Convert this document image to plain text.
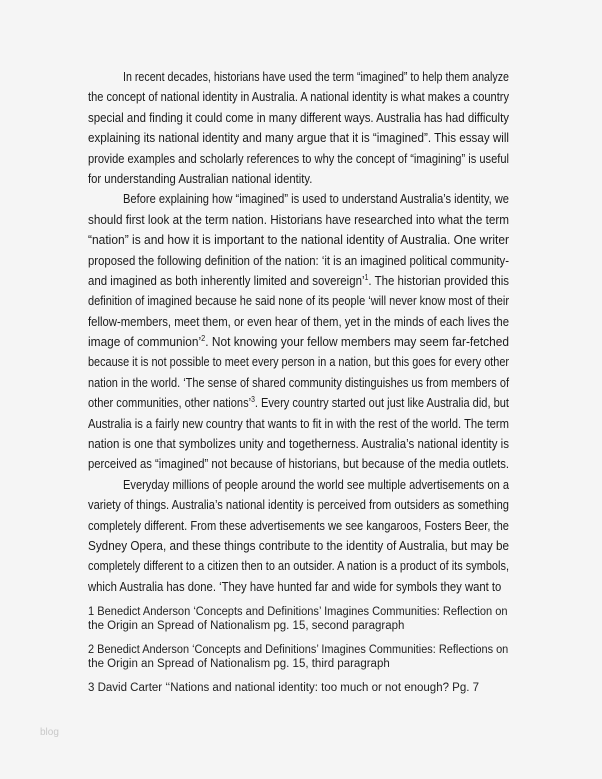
In recent decades, historians have used the term “imagined” to help them analyze
the concept of national identity in Australia. A national identity is what makes a country
special and finding it could come in many different ways. Australia has had difficulty
explaining its national identity and many argue that it is “imagined”. This essay will
provide examples and scholarly references to why the concept of “imagining” is useful
for understanding Australian national identity.
Before explaining how “imagined” is used to understand Australia’s identity, we
should first look at the term nation. Historians have researched into what the term
“nation” is and how it is important to the national identity of Australia. One writer
proposed the following definition of the nation: ‘it is an imagined political community-
and imagined as both inherently limited and sovereign’$^1$. The historian provided this
definition of imagined because he said none of its people ‘will never know most of their
fellow-members, meet them, or even hear of them, yet in the minds of each lives the
image of communion’$^2$. Not knowing your fellow members may seem far-fetched
because it is not possible to meet every person in a nation, but this goes for every other
nation in the world. ‘The sense of shared community distinguishes us from members of
other communities, other nations’$^3$. Every country started out just like Australia did, but
Australia is a fairly new country that wants to fit in with the rest of the world. The term
nation is one that symbolizes unity and togetherness. Australia’s national identity is
perceived as “imagined” not because of historians, but because of the media outlets.
Everyday millions of people around the world see multiple advertisements on a
variety of things. Australia’s national identity is perceived from outsiders as something
completely different. From these advertisements we see kangaroos, Fosters Beer, the
Sydney Opera, and these things contribute to the identity of Australia, but may be
completely different to a citizen then to an outsider. A nation is a product of its symbols,
which Australia has done. ‘They have hunted far and wide for symbols they want to
1 Benedict Anderson ‘Concepts and Definitions’ Imagines Communities: Reflection on
the Origin an Spread of Nationalism pg. 15, second paragraph
2 Benedict Anderson ‘Concepts and Definitions’ Imagines Communities: Reflections on
the Origin an Spread of Nationalism pg. 15, third paragraph
3 David Carter ‘‘Nations and national identity: too much or not enough? Pg. 7
blog
